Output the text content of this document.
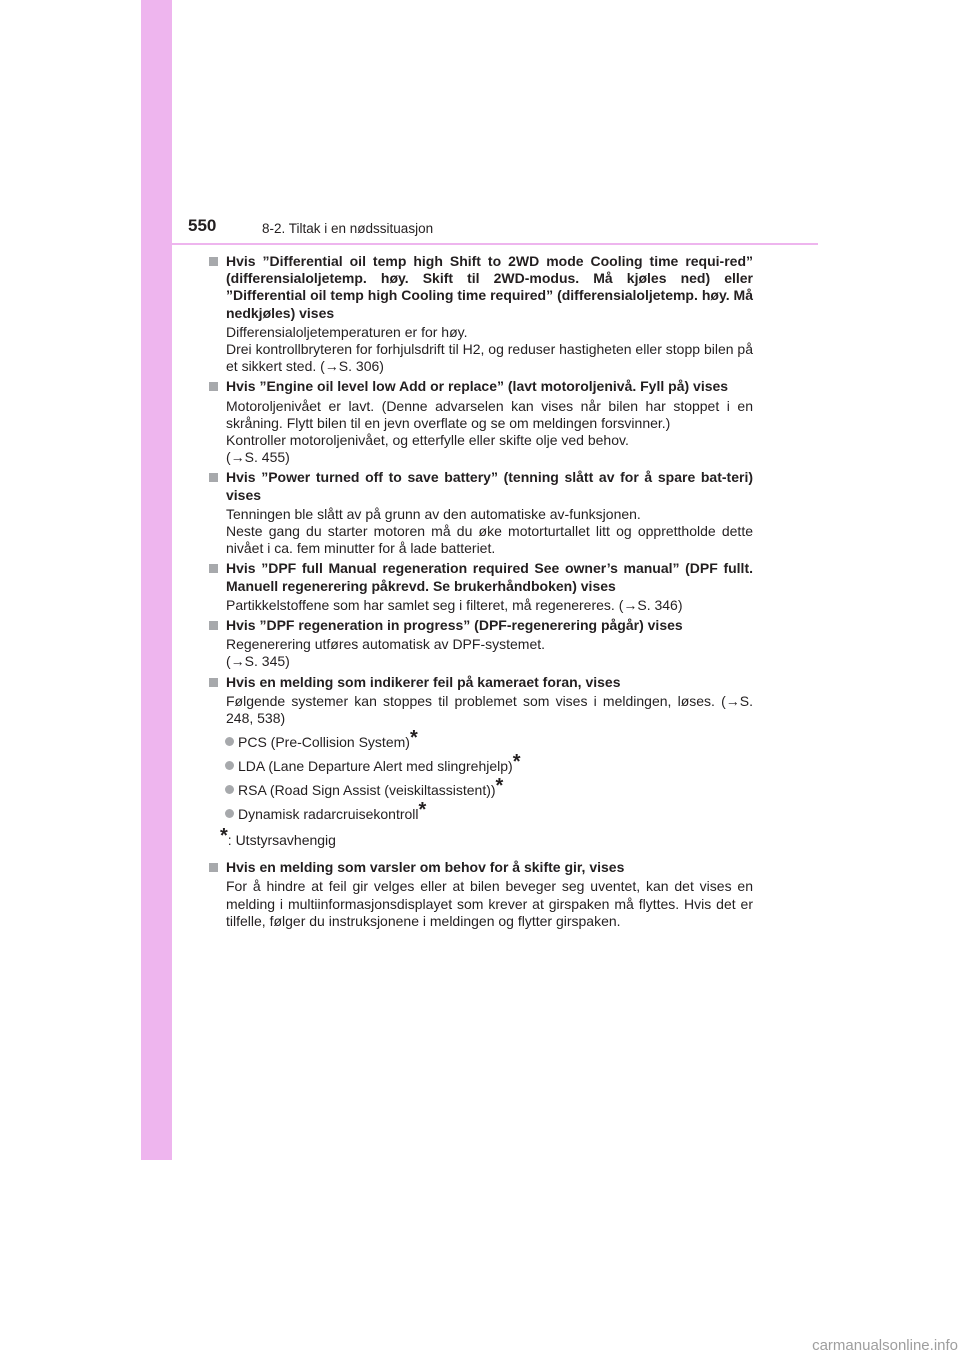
550	8-2. Tiltak i en nødssituasjon
Hvis ”Differential oil temp high Shift to 2WD mode Cooling time requi-red” (differensialoljetemp. høy. Skift til 2WD-modus. Må kjøles ned) eller ”Differential oil temp high Cooling time required” (differensialoljetemp. høy. Må nedkjøles) vises
Differensialoljetemperaturen er for høy.
Drei kontrollbryteren for forhjulsdrift til H2, og reduser hastigheten eller stopp bilen på et sikkert sted. (→S. 306)
Hvis ”Engine oil level low Add or replace” (lavt motoroljenivå. Fyll på) vises
Motoroljenivået er lavt. (Denne advarselen kan vises når bilen har stoppet i en skråning. Flytt bilen til en jevn overflate og se om meldingen forsvinner.)
Kontroller motoroljenivået, og etterfylle eller skifte olje ved behov.
(→S. 455)
Hvis ”Power turned off to save battery” (tenning slått av for å spare bat-teri) vises
Tenningen ble slått av på grunn av den automatiske av-funksjonen.
Neste gang du starter motoren må du øke motorturtallet litt og opprettholde dette nivået i ca. fem minutter for å lade batteriet.
Hvis ”DPF full Manual regeneration required See owner’s manual” (DPF fullt. Manuell regenerering påkrevd. Se brukerhåndboken) vises
Partikkelstoffene som har samlet seg i filteret, må regenereres. (→S. 346)
Hvis ”DPF regeneration in progress” (DPF-regenerering pågår) vises
Regenerering utføres automatisk av DPF-systemet.
(→S. 345)
Hvis en melding som indikerer feil på kameraet foran, vises
Følgende systemer kan stoppes til problemet som vises i meldingen, løses. (→S. 248, 538)
PCS (Pre-Collision System)*
LDA (Lane Departure Alert med slingrehjelp)*
RSA (Road Sign Assist (veiskiltassistent))*
Dynamisk radarcruisekontroll*
*: Utstyrsavhengig
Hvis en melding som varsler om behov for å skifte gir, vises
For å hindre at feil gir velges eller at bilen beveger seg uventet, kan det vises en melding i multiinformasjonsdisplayet som krever at girspaken må flyttes. Hvis det er tilfelle, følger du instruksjonene i meldingen og flytter girspaken.
carmanualsonline.info
